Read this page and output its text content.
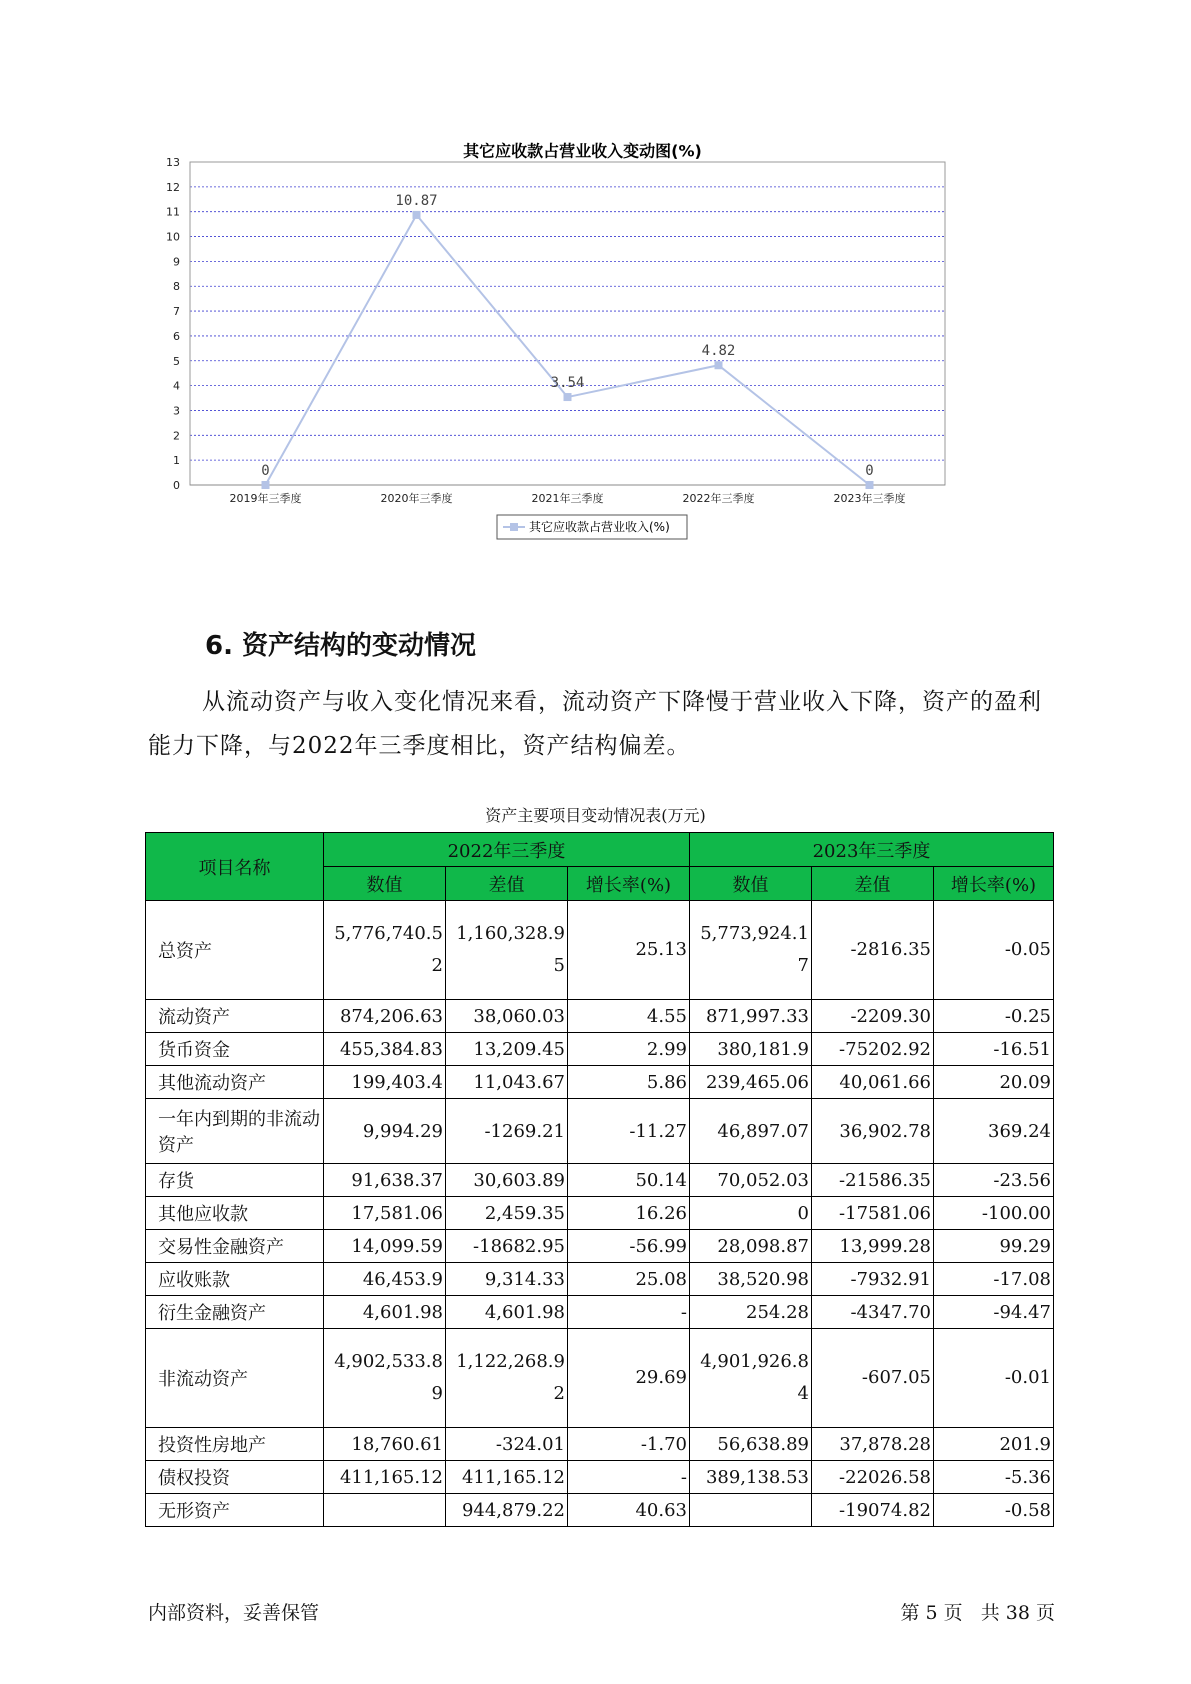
其它应收款占营业收入变动图(%)
0
1
2
3
4
5
6
7
8
9
10
11
12
13
2019年三季度	2020年三季度	2021年三季度	2022年三季度	2023年三季度
0
10.87
3.54
4.82
0
其它应收款占营业收入(%)
6. 资产结构的变动情况

从流动资产与收入变化情况来看，流动资产下降慢于营业收入下降，资产的盈利能力下降，与2022年三季度相比，资产结构偏差。

资产主要项目变动情况表(万元)
项目名称	2022年三季度			2023年三季度		
	数值	差值	增长率(%)	数值	差值	增长率(%)
总资产	5,776,740.52	1,160,328.95	25.13	5,773,924.17	-2816.35	-0.05

流动资产	874,206.63	38,060.03	4.55	871,997.33	-2209.30	-0.25
货币资金	455,384.83	13,209.45	2.99	380,181.9	-75202.92	-16.51
其他流动资产	199,403.4	11,043.67	5.86	239,465.06	40,061.66	20.09
一年内到期的非流动资产	9,994.29	-1269.21	-11.27	46,897.07	36,902.78	369.24
存货	91,638.37	30,603.89	50.14	70,052.03	-21586.35	-23.56
其他应收款	17,581.06	2,459.35	16.26	0	-17581.06	-100.00
交易性金融资产	14,099.59	-18682.95	-56.99	28,098.87	13,999.28	99.29
应收账款	46,453.9	9,314.33	25.08	38,520.98	-7932.91	-17.08
衍生金融资产	4,601.98	4,601.98	-	254.28	-4347.70	-94.47
非流动资产	4,902,533.89	1,122,268.92	29.69	4,901,926.84	-607.05	-0.01

投资性房地产	18,760.61	-324.01	-1.70	56,638.89	37,878.28	201.9
债权投资	411,165.12	411,165.12	-	389,138.53	-22026.58	-5.36
无形资产		944,879.22	40.63		-19074.82	-0.58
内部资料，妥善保管	第 5 页   共 38 页
